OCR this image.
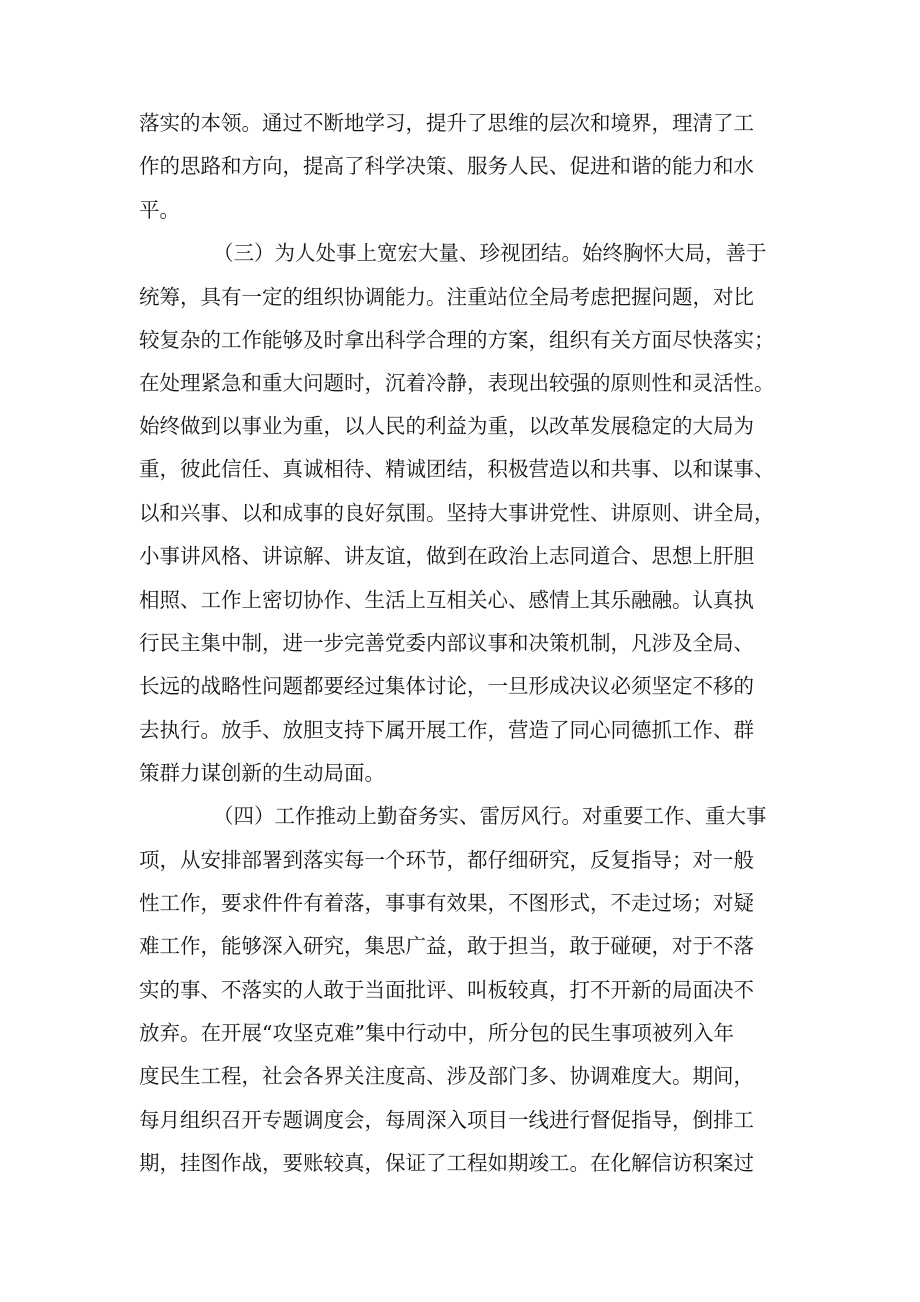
落实的本领。通过不断地学习，提升了思维的层次和境界，理清了工
作的思路和方向，提高了科学决策、服务人民、促进和谐的能力和水
平。
（三）为人处事上宽宏大量、珍视团结。始终胸怀大局，善于
统筹，具有一定的组织协调能力。注重站位全局考虑把握问题，对比
较复杂的工作能够及时拿出科学合理的方案，组织有关方面尽快落实；
在处理紧急和重大问题时，沉着冷静，表现出较强的原则性和灵活性。
始终做到以事业为重，以人民的利益为重，以改革发展稳定的大局为
重，彼此信任、真诚相待、精诚团结，积极营造以和共事、以和谋事、
以和兴事、以和成事的良好氛围。坚持大事讲党性、讲原则、讲全局，
小事讲风格、讲谅解、讲友谊，做到在政治上志同道合、思想上肝胆
相照、工作上密切协作、生活上互相关心、感情上其乐融融。认真执
行民主集中制，进一步完善党委内部议事和决策机制，凡涉及全局、
长远的战略性问题都要经过集体讨论，一旦形成决议必须坚定不移的
去执行。放手、放胆支持下属开展工作，营造了同心同德抓工作、群
策群力谋创新的生动局面。
（四）工作推动上勤奋务实、雷厉风行。对重要工作、重大事
项，从安排部署到落实每一个环节，都仔细研究，反复指导；对一般
性工作，要求件件有着落，事事有效果，不图形式，不走过场；对疑
难工作，能够深入研究，集思广益，敢于担当，敢于碰硬，对于不落
实的事、不落实的人敢于当面批评、叫板较真，打不开新的局面决不
放弃。在开展“攻坚克难”集中行动中，所分包的民生事项被列入年
度民生工程，社会各界关注度高、涉及部门多、协调难度大。期间，
每月组织召开专题调度会，每周深入项目一线进行督促指导，倒排工
期，挂图作战，要账较真，保证了工程如期竣工。在化解信访积案过
